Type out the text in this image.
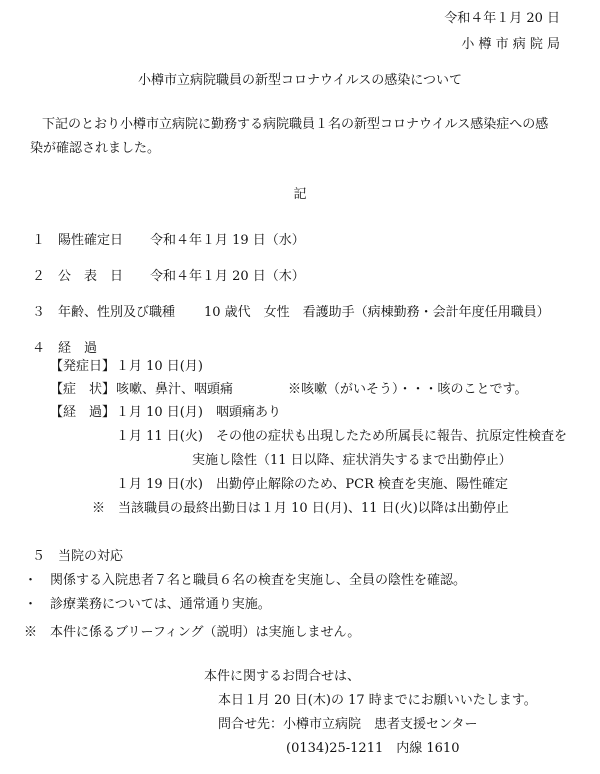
令和４年１月 20 日
小 樽 市 病 院 局
小樽市立病院職員の新型コロナウイルスの感染について
下記のとおり小樽市立病院に勤務する病院職員１名の新型コロナウイルス感染症への感
染が確認されました。
記
１ 陽性確定日 令和４年１月 19 日（水）
２ 公　表　日 令和４年１月 20 日（木）
３ 年齢、性別及び職種 10 歳代　女性　看護助手（病棟勤務・会計年度任用職員）
４ 経　過
【発症日】 １月 10 日(月)
【症　状】 咳嗽、鼻汁、咽頭痛	※咳嗽（がいそう）・・・咳のことです。
【経　過】 １月 10 日(月)　咽頭痛あり
１月 11 日(火)　その他の症状も出現したため所属長に報告、抗原定性検査を
実施し陰性（11 日以降、症状消失するまで出勤停止）
１月 19 日(水)　出勤停止解除のため、PCR 検査を実施、陽性確定
※　当該職員の最終出勤日は１月 10 日(月)、11 日(火)以降は出勤停止
５　当院の対応
・　関係する入院患者７名と職員６名の検査を実施し、全員の陰性を確認。
・　診療業務については、通常通り実施。
※　本件に係るブリーフィング（説明）は実施しません。
本件に関するお問合せは、
本日１月 20 日(木)の 17 時までにお願いいたします。
問合せ先：小樽市立病院　患者支援センター
(0134)25-1211　内線 1610
